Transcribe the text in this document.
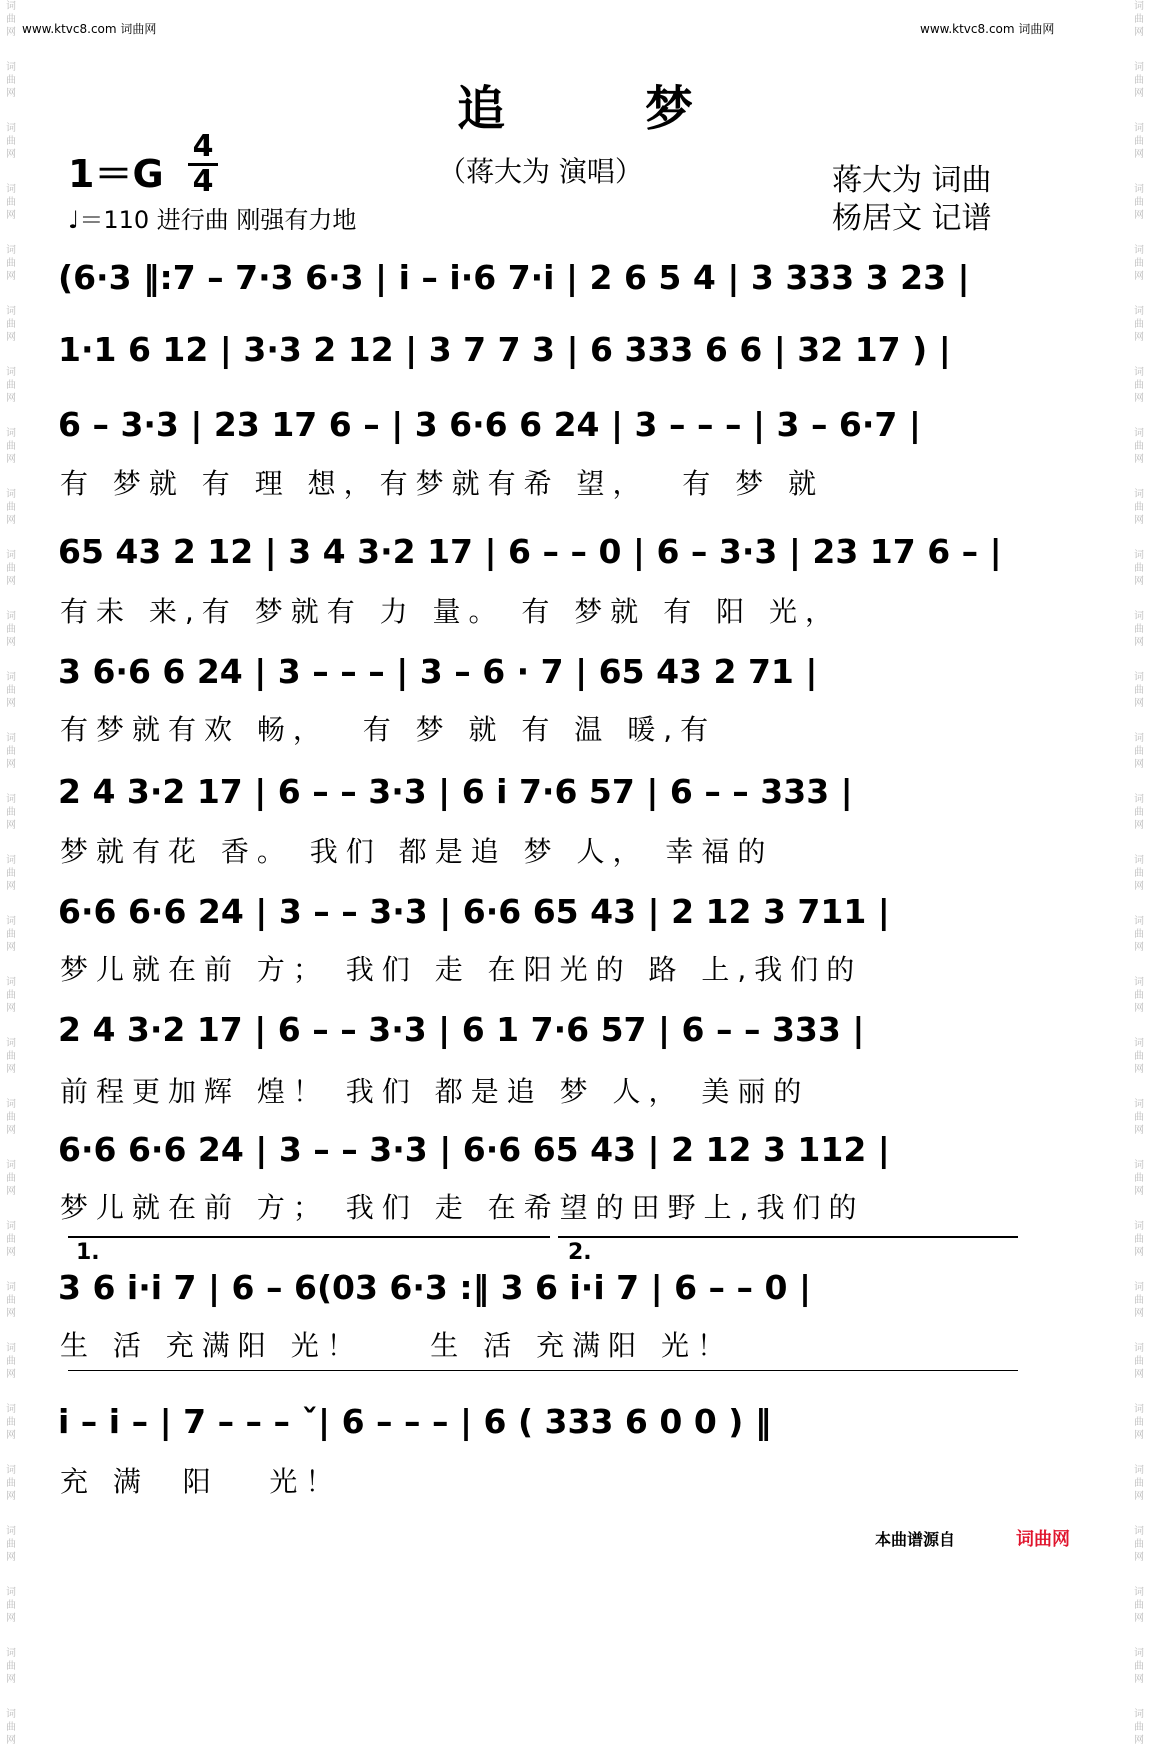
www.ktvc8.com 词曲网	www.ktvc8.com 词曲网
词曲网
词曲网
词曲网
词曲网
词曲网
词曲网
词曲网
词曲网
词曲网
词曲网
词曲网
词曲网
词曲网
词曲网
词曲网
词曲网
词曲网
词曲网
词曲网
词曲网
词曲网
词曲网
词曲网
词曲网
词曲网
词曲网
词曲网
词曲网
词曲网
词曲网
词曲网
词曲网
词曲网
词曲网
词曲网
词曲网
词曲网
词曲网
词曲网
词曲网
词曲网
词曲网
词曲网
词曲网
词曲网
词曲网
词曲网
词曲网
词曲网
词曲网
词曲网
词曲网
词曲网
词曲网
词曲网
词曲网
词曲网
词曲网
追梦
1＝G
4
4	（蒋大为 演唱）
♩＝110 进行曲 刚强有力地
蒋大为 词曲
杨居文 记谱
(6·3 ‖:7 – 7·3 6·3 | i – i·6 7·i | 2 6 5 4 | 3 333 3 23 |
1·1 6 12 | 3·3 2 12 | 3 7 7 3 | 6 333 6 6 | 32 17 ) |
6 – 3·3 | 23 17 6 – | 3 6·6 6 24 | 3 – – – | 3 – 6·7 |
有 梦就 有 理 想，有梦就有希 望，  有 梦 就
65 43 2 12 | 3 4 3·2 17 | 6 – – 0 | 6 – 3·3 | 23 17 6 – |
有未 来,有 梦就有 力 量。 有 梦就 有 阳 光，
3 6·6 6 24 | 3 – – – | 3 – 6 · 7 | 65 43 2 71 |
有梦就有欢 畅，  有 梦 就 有 温 暖,有
2 4 3·2 17 | 6 – – 3·3 | 6 i 7·6 57 | 6 – – 333 |
梦就有花 香。 我们 都是追 梦 人， 幸福的
6·6 6·6 24 | 3 – – 3·3 | 6·6 65 43 | 2 12 3 711 |
梦儿就在前 方； 我们 走 在阳光的 路 上,我们的
2 4 3·2 17 | 6 – – 3·3 | 6 1 7·6 57 | 6 – – 333 |
前程更加辉 煌！ 我们 都是追 梦 人， 美丽的
6·6 6·6 24 | 3 – – 3·3 | 6·6 65 43 | 2 12 3 112 |
梦儿就在前 方； 我们 走 在希望的田野上,我们的
1.	2.
3 6 i·i 7 | 6 – 6(03 6·3 :‖ 3 6 i·i 7 | 6 – – 0 |
生 活 充满阳 光！    生 活 充满阳 光！
i – i – | 7 – – – ˇ| 6 – – – | 6 ( 333 6 0 0 ) ‖
充 满  阳   光！
本曲谱源自	词曲网
